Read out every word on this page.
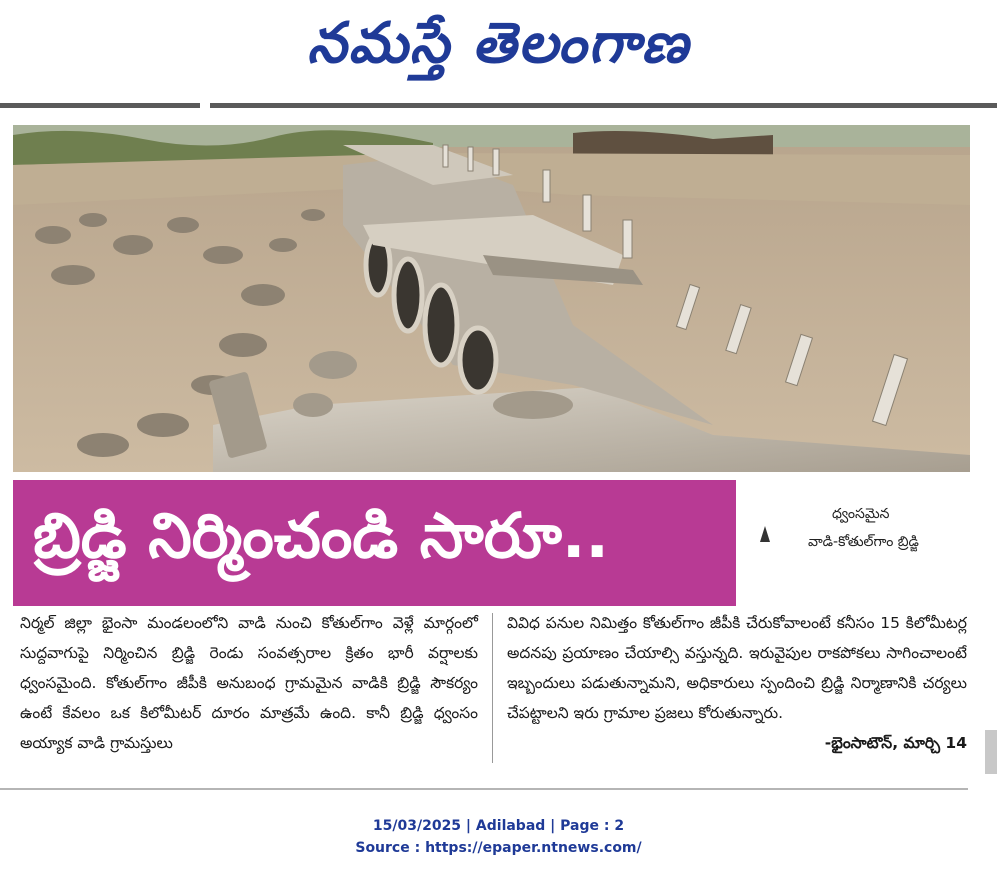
నమస్తే తెలంగాణ
బ్రిడ్జి నిర్మించండి సారూ..	ధ్వంసమైన
వాడి-కోతుల్‌గాం బ్రిడ్జి

నిర్మల్ జిల్లా భైంసా మండలంలోని వాడి నుంచి కోతుల్‌గాం వెళ్లే మార్గంలో సుద్దవాగుపై నిర్మించిన బ్రిడ్జి రెండు సంవత్సరాల క్రితం భారీ వర్షాలకు ధ్వంసమైంది. కోతుల్‌గాం జీపీకి అనుబంధ గ్రామమైన వాడికి బ్రిడ్జి సౌకర్యం ఉంటే కేవలం ఒక కిలోమీటర్ దూరం మాత్రమే ఉంది. కానీ బ్రిడ్జి ధ్వంసం అయ్యాక వాడి గ్రామస్తులు

వివిధ పనుల నిమిత్తం కోతుల్‌గాం జీపీకి చేరుకోవాలంటే కనీసం 15 కిలోమీటర్ల అదనపు ప్రయాణం చేయాల్సి వస్తున్నది. ఇరువైపుల రాకపోకలు సాగించాలంటే ఇబ్బందులు పడుతున్నామని, అధికారులు స్పందించి బ్రిడ్జి నిర్మాణానికి చర్యలు చేపట్టాలని ఇరు గ్రామాల ప్రజలు కోరుతున్నారు.

-భైంసాటౌన్, మార్చి 14
15/03/2025 | Adilabad | Page : 2
Source : https://epaper.ntnews.com/
